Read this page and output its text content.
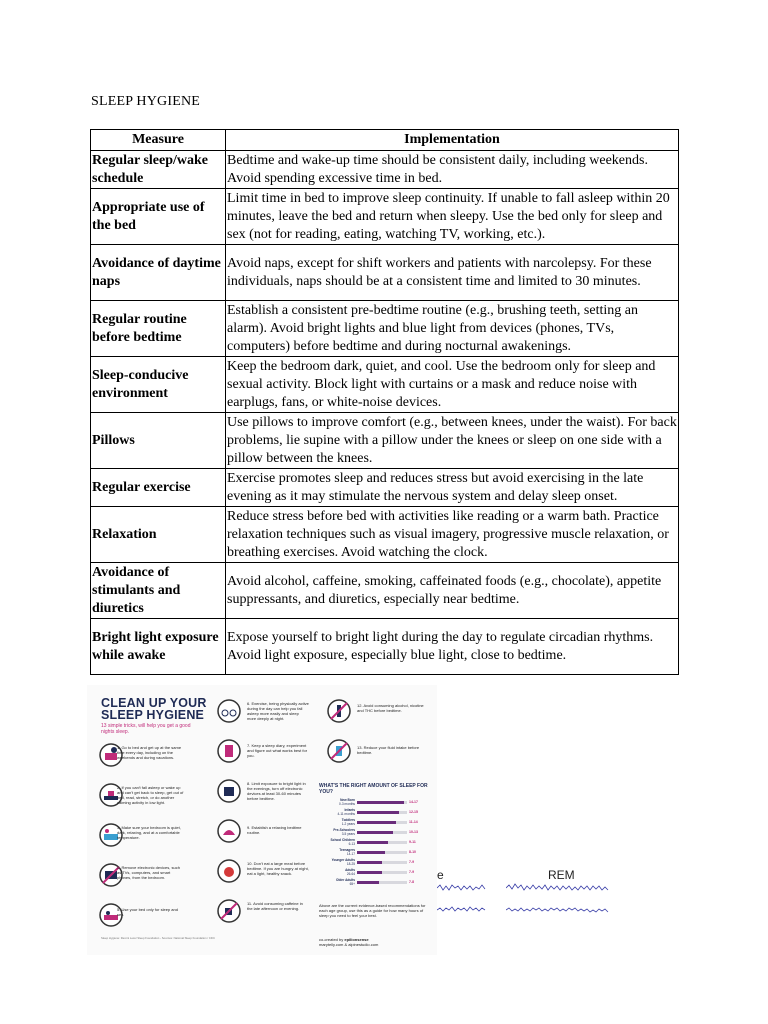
SLEEP HYGIENE
Measure	Implementation
Regular sleep/wake schedule	Bedtime and wake-up time should be consistent daily, including weekends. Avoid spending excessive time in bed.
Appropriate use of the bed	Limit time in bed to improve sleep continuity. If unable to fall asleep within 20 minutes, leave the bed and return when sleepy. Use the bed only for sleep and sex (not for reading, eating, watching TV, working, etc.).
Avoidance of daytime naps	Avoid naps, except for shift workers and patients with narcolepsy. For these individuals, naps should be at a consistent time and limited to 30 minutes.
Regular routine before bedtime	Establish a consistent pre-bedtime routine (e.g., brushing teeth, setting an alarm). Avoid bright lights and blue light from devices (phones, TVs, computers) before bedtime and during nocturnal awakenings.
Sleep-conducive environment	Keep the bedroom dark, quiet, and cool. Use the bedroom only for sleep and sexual activity. Block light with curtains or a mask and reduce noise with earplugs, fans, or white-noise devices.
Pillows	Use pillows to improve comfort (e.g., between knees, under the waist). For back problems, lie supine with a pillow under the knees or sleep on one side with a pillow between the knees.
Regular exercise	Exercise promotes sleep and reduces stress but avoid exercising in the late evening as it may stimulate the nervous system and delay sleep onset.
Relaxation	Reduce stress before bed with activities like reading or a warm bath. Practice relaxation techniques such as visual imagery, progressive muscle relaxation, or breathing exercises. Avoid watching the clock.
Avoidance of stimulants and diuretics	Avoid alcohol, caffeine, smoking, caffeinated foods (e.g., chocolate), appetite suppressants, and diuretics, especially near bedtime.
Bright light exposure while awake	Expose yourself to bright light during the day to regulate circadian rhythms. Avoid light exposure, especially blue light, close to bedtime.
CLEAN UP YOUR
SLEEP HYGIENE
13 simple tricks, will help you get a good nights sleep.
1. Go to bed and get up at the same time every day, including on the weekends and during vacations.
2. If you can't fall asleep or wake up and can't get back to sleep, get out of bed, read, stretch, or do another calming activity in low light.
3. Make sure your bedroom is quiet, dark, relaxing, and at a comfortable temperature.
4. Remove electronic devices, such as TVs, computers, and smart phones, from the bedroom.
5. Use your bed only for sleep and sex.
6. Exercise, being physically active during the day can help you fall asleep more easily and sleep more deeply at night.
7. Keep a sleep diary, experiment and figure out what works best for you.
8. Limit exposure to bright light in the evenings, turn off electronic devices at least 30-60 minutes before bedtime.
9. Establish a relaxing bedtime routine.
10. Don't eat a large meal before bedtime. If you are hungry at night, eat a light, healthy snack.
11. Avoid consuming caffeine in the late afternoon or evening.
12. Avoid consuming alcohol, nicotine and THC before bedtime.
13. Reduce your fluid intake before bedtime.
WHAT'S THE RIGHT AMOUNT OF SLEEP FOR YOU?
New Born
0-3 months	14-17
Infants
4-11 months	12-15
Toddlers
1-2 years	11-14
Pre-Schoolers
3-5 years	10-13
School Children
6-13	9-11
Teenagers
14-17	8-10
Younger Adults
18-25	7-9
Adults
26-64	7-9
Older Adults
65+	7-8
Above are the current evidence-based recommendations for each age group, use this as a guide for how many hours of sleep you need to feel your best.
co-created by epilionsense
marytelly.com & alpinestudio.com
Sleep Hygiene: Rest & Less/ Sleep Foundation - Sources: National Sleep Foundation / CDC
e	REM
